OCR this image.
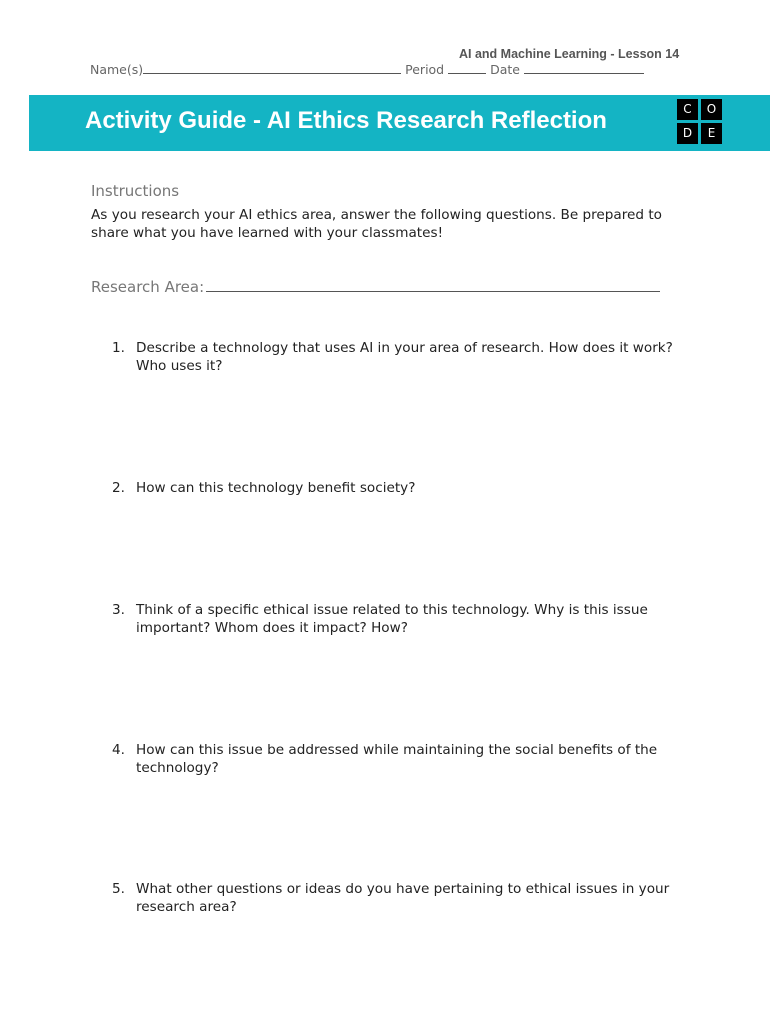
AI and Machine Learning - Lesson 14
Name(s)	Period	Date
Activity Guide - AI Ethics Research Reflection	C	O
D	E
Instructions
As you research your AI ethics area, answer the following questions. Be prepared to share what you have learned with your classmates!
Research Area:
1. Describe a technology that uses AI in your area of research. How does it work? Who uses it?
2. How can this technology benefit society?
3. Think of a specific ethical issue related to this technology. Why is this issue important? Whom does it impact? How?
4. How can this issue be addressed while maintaining the social benefits of the technology?
5. What other questions or ideas do you have pertaining to ethical issues in your research area?
